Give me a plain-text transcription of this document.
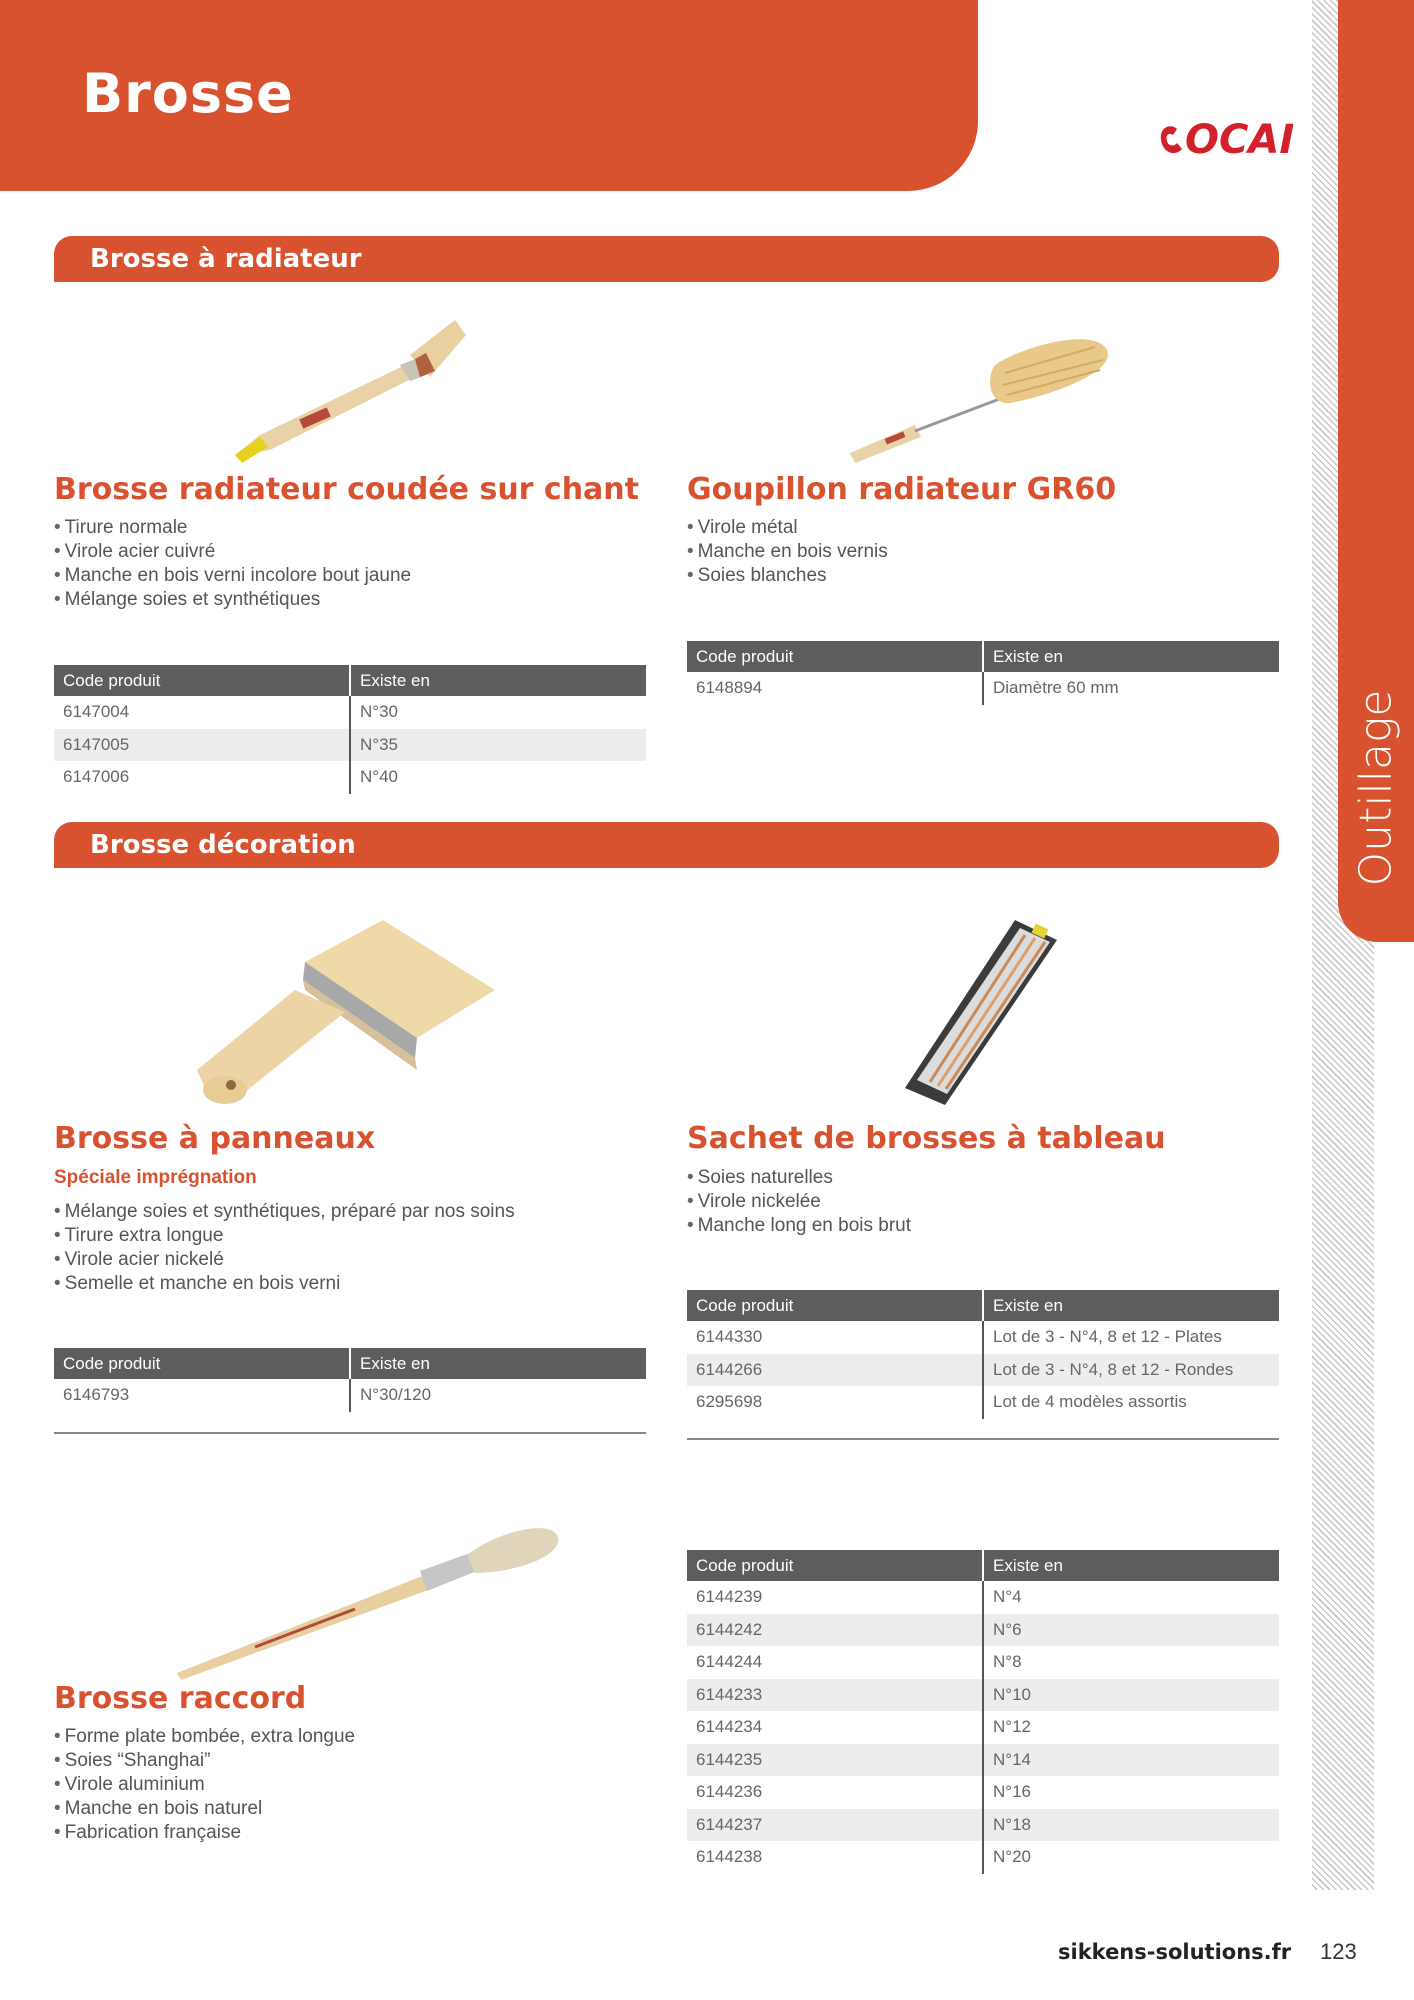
Outillage
Brosse
OCAI
Brosse à radiateur
Brosse radiateur coudée sur chant
• Tirure normale
• Virole acier cuivré
• Manche en bois verni incolore bout jaune
• Mélange soies et synthétiques
Code produit	Existe en
6147004	N°30
6147005	N°35
6147006	N°40
Goupillon radiateur GR60
• Virole métal
• Manche en bois vernis
• Soies blanches
Code produit	Existe en
6148894	Diamètre 60 mm
Brosse décoration
Brosse à panneaux
Spéciale imprégnation
• Mélange soies et synthétiques, préparé par nos soins
• Tirure extra longue
• Virole acier nickelé
• Semelle et manche en bois verni
Code produit	Existe en
6146793	N°30/120
Sachet de brosses à tableau
• Soies naturelles
• Virole nickelée
• Manche long en bois brut
Code produit	Existe en
6144330	Lot de 3 - N°4, 8 et 12 - Plates
6144266	Lot de 3 - N°4, 8 et 12 - Rondes
6295698	Lot de 4 modèles assortis
Brosse raccord
• Forme plate bombée, extra longue
• Soies “Shanghai”
• Virole aluminium
• Manche en bois naturel
• Fabrication française
Code produit	Existe en
6144239	N°4
6144242	N°6
6144244	N°8
6144233	N°10
6144234	N°12
6144235	N°14
6144236	N°16
6144237	N°18
6144238	N°20
sikkens-solutions.fr 123
